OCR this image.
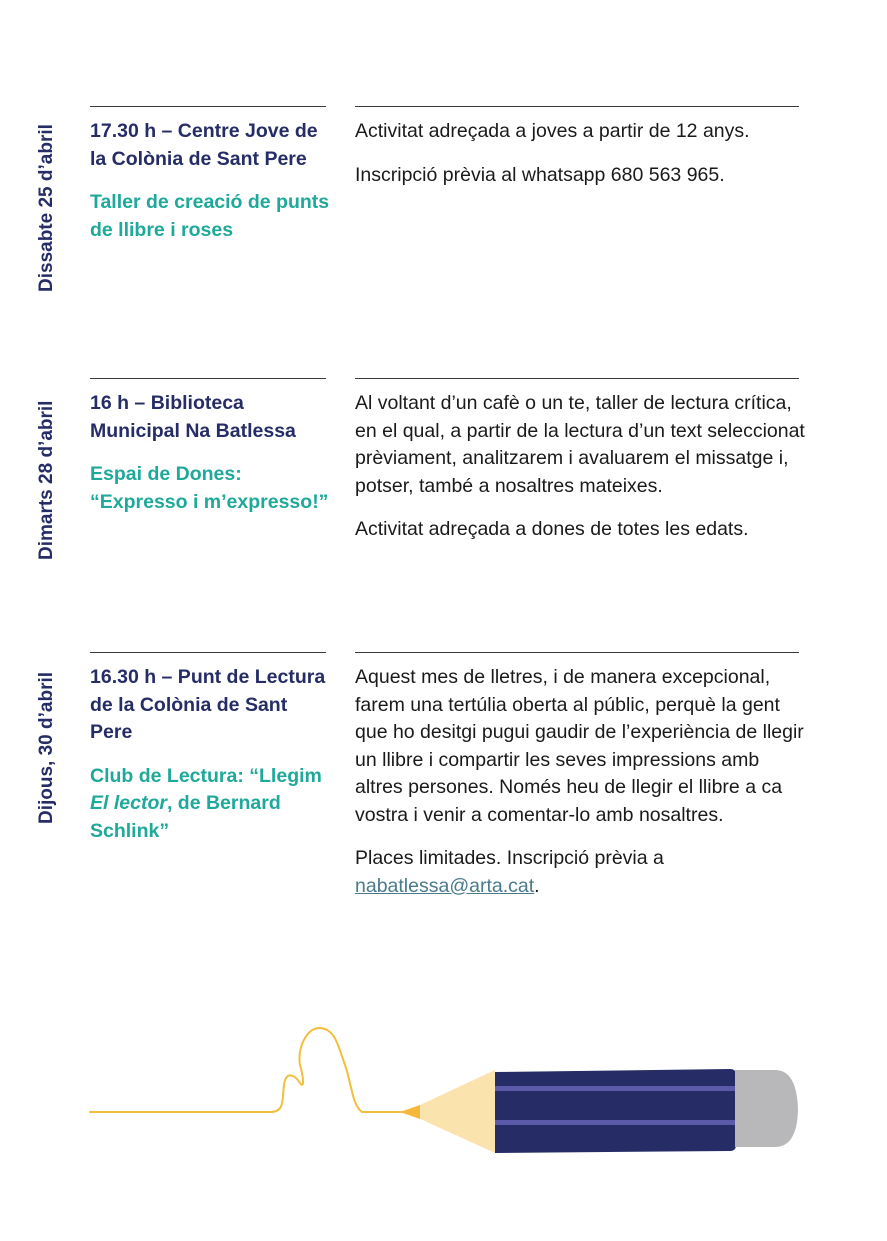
Dissabte 25 d’abril 17.30 h – Centre Jove de la Colònia de Sant Pere

Taller de creació de punts de llibre i roses

Activitat adreçada a joves a partir de 12 anys.

Inscripció prèvia al whatsapp 680 563 965.

Dimarts 28 d’abril 16 h – Biblioteca Municipal Na Batlessa

Espai de Dones: “Expresso i m’expresso!”

Al voltant d’un cafè o un te, taller de lectura crítica, en el qual, a partir de la lectura d’un text seleccionat prèviament, analitzarem i avaluarem el missatge i, potser, també a nosaltres mateixes.

Activitat adreçada a dones de totes les edats.

Dijous, 30 d’abril 16.30 h – Punt de Lectura de la Colònia de Sant Pere

Club de Lectura: “Llegim El lector, de Bernard Schlink”

Aquest mes de lletres, i de manera excepcional, farem una tertúlia oberta al públic, perquè la gent que ho desitgi pugui gaudir de l’experiència de llegir un llibre i compartir les seves impressions amb altres persones. Només heu de llegir el llibre a ca vostra i venir a comentar-lo amb nosaltres.

Places limitades. Inscripció prèvia a nabatlessa@arta.cat.
